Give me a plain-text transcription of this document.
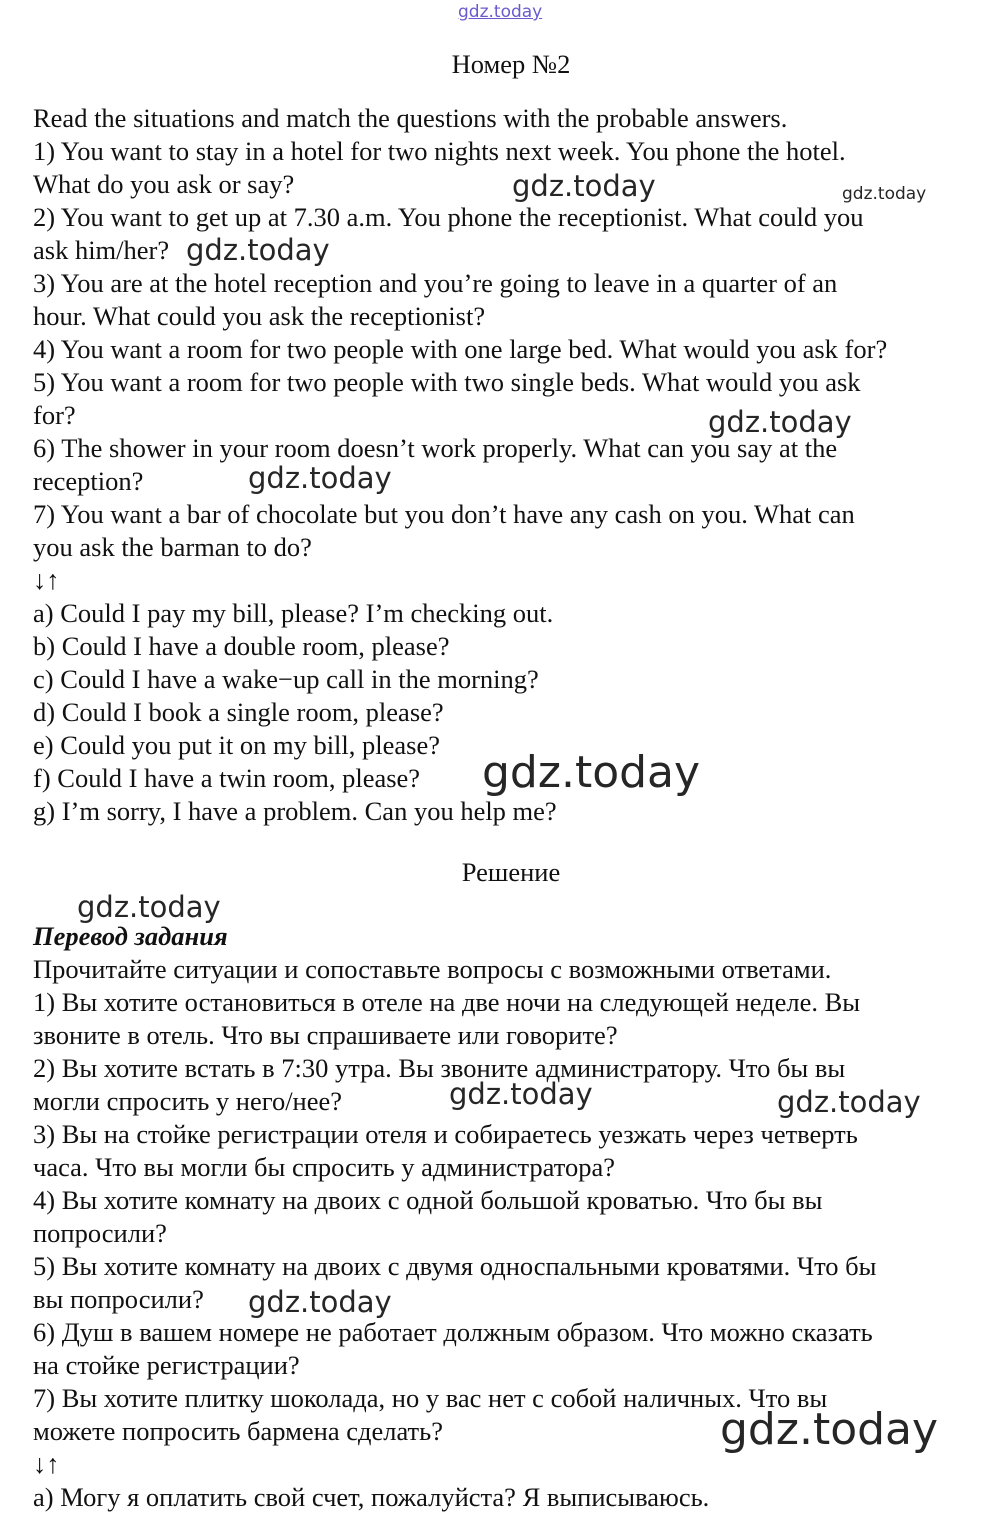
gdz.today
Номер №2
Read the situations and match the questions with the probable answers.
1) You want to stay in a hotel for two nights next week. You phone the hotel.
What do you ask or say?
2) You want to get up at 7.30 a.m. You phone the receptionist. What could you
ask him/her?
3) You are at the hotel reception and you’re going to leave in a quarter of an
hour. What could you ask the receptionist?
4) You want a room for two people with one large bed. What would you ask for?
5) You want a room for two people with two single beds. What would you ask
for?
6) The shower in your room doesn’t work properly. What can you say at the
reception?
7) You want a bar of chocolate but you don’t have any cash on you. What can
you ask the barman to do?
↓↑
a) Could I pay my bill, please? I’m checking out.
b) Could I have a double room, please?
c) Could I have a wake−up call in the morning?
d) Could I book a single room, please?
e) Could you put it on my bill, please?
f) Could I have a twin room, please?
g) I’m sorry, I have a problem. Can you help me?
Решение
Перевод задания
Прочитайте ситуации и сопоставьте вопросы с возможными ответами.
1) Вы хотите остановиться в отеле на две ночи на следующей неделе. Вы
звоните в отель. Что вы спрашиваете или говорите?
2) Вы хотите встать в 7:30 утра. Вы звоните администратору. Что бы вы
могли спросить у него/нее?
3) Вы на стойке регистрации отеля и собираетесь уезжать через четверть
часа. Что вы могли бы спросить у администратора?
4) Вы хотите комнату на двоих с одной большой кроватью. Что бы вы
попросили?
5) Вы хотите комнату на двоих с двумя односпальными кроватями. Что бы
вы попросили?
6) Душ в вашем номере не работает должным образом. Что можно сказать
на стойке регистрации?
7) Вы хотите плитку шоколада, но у вас нет с собой наличных. Что вы
можете попросить бармена сделать?
↓↑
а) Могу я оплатить свой счет, пожалуйста? Я выписываюсь.
gdz.today	gdz.today
gdz.today
gdz.today
gdz.today
gdz.today
gdz.today
gdz.today	gdz.today
gdz.today
gdz.today
